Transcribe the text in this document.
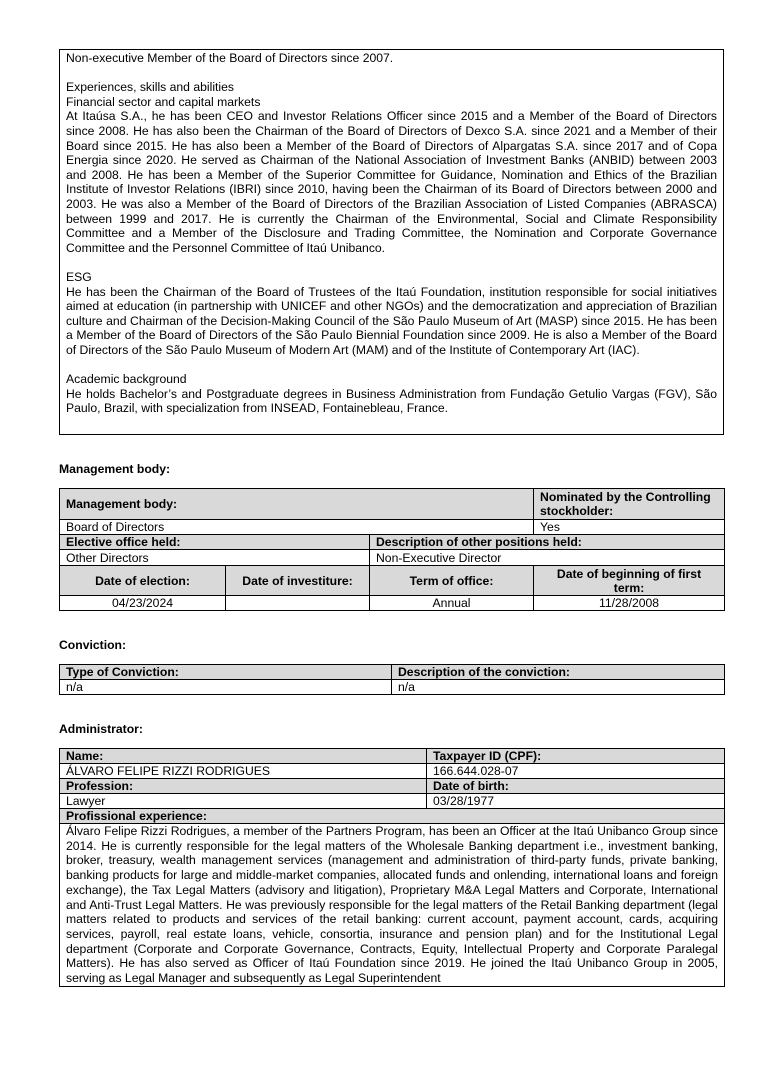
Non-executive Member of the Board of Directors since 2007.

Experiences, skills and abilities

Financial sector and capital markets

At Itaúsa S.A., he has been CEO and Investor Relations Officer since 2015 and a Member of the Board of Directors since 2008. He has also been the Chairman of the Board of Directors of Dexco S.A. since 2021 and a Member of their Board since 2015. He has also been a Member of the Board of Directors of Alpargatas S.A. since 2017 and of Copa Energia since 2020. He served as Chairman of the National Association of Investment Banks (ANBID) between 2003 and 2008. He has been a Member of the Superior Committee for Guidance, Nomination and Ethics of the Brazilian Institute of Investor Relations (IBRI) since 2010, having been the Chairman of its Board of Directors between 2000 and 2003. He was also a Member of the Board of Directors of the Brazilian Association of Listed Companies (ABRASCA) between 1999 and 2017. He is currently the Chairman of the Environmental, Social and Climate Responsibility Committee and a Member of the Disclosure and Trading Committee, the Nomination and Corporate Governance Committee and the Personnel Committee of Itaú Unibanco.

ESG

He has been the Chairman of the Board of Trustees of the Itaú Foundation, institution responsible for social initiatives aimed at education (in partnership with UNICEF and other NGOs) and the democratization and appreciation of Brazilian culture and Chairman of the Decision-Making Council of the São Paulo Museum of Art (MASP) since 2015. He has been a Member of the Board of Directors of the São Paulo Biennial Foundation since 2009. He is also a Member of the Board of Directors of the São Paulo Museum of Modern Art (MAM) and of the Institute of Contemporary Art (IAC).

Academic background

He holds Bachelor’s and Postgraduate degrees in Business Administration from Fundação Getulio Vargas (FGV), São Paulo, Brazil, with specialization from INSEAD, Fontainebleau, France.

Management body:
Management body:			Nominated by the Controlling stockholder:
Board of Directors			Yes
Elective office held:		Description of other positions held:	
Other Directors		Non-Executive Director	
Date of election:	Date of investiture:	Term of office:	Date of beginning of first term:
04/23/2024		Annual	11/28/2008
Conviction:
Type of Conviction:	Description of the conviction:
n/a	n/a
Administrator:
Name:	Taxpayer ID (CPF):
ÁLVARO FELIPE RIZZI RODRIGUES	166.644.028-07
Profession:	Date of birth:
Lawyer	03/28/1977
Profissional experience:	
Álvaro Felipe Rizzi Rodrigues, a member of the Partners Program, has been an Officer at the Itaú Unibanco Group since 2014. He is currently responsible for the legal matters of the Wholesale Banking department i.e., investment banking, broker, treasury, wealth management services (management and administration of third-party funds, private banking, banking products for large and middle-market companies, allocated funds and onlending, international loans and foreign exchange), the Tax Legal Matters (advisory and litigation), Proprietary M&A Legal Matters and Corporate, International and Anti-Trust Legal Matters. He was previously responsible for the legal matters of the Retail Banking department (legal matters related to products and services of the retail banking: current account, payment account, cards, acquiring services, payroll, real estate loans, vehicle, consortia, insurance and pension plan) and for the Institutional Legal department (Corporate and Corporate Governance, Contracts, Equity, Intellectual Property and Corporate Paralegal Matters). He has also served as Officer of Itaú Foundation since 2019. He joined the Itaú Unibanco Group in 2005, serving as Legal Manager and subsequently as Legal Superintendent	
